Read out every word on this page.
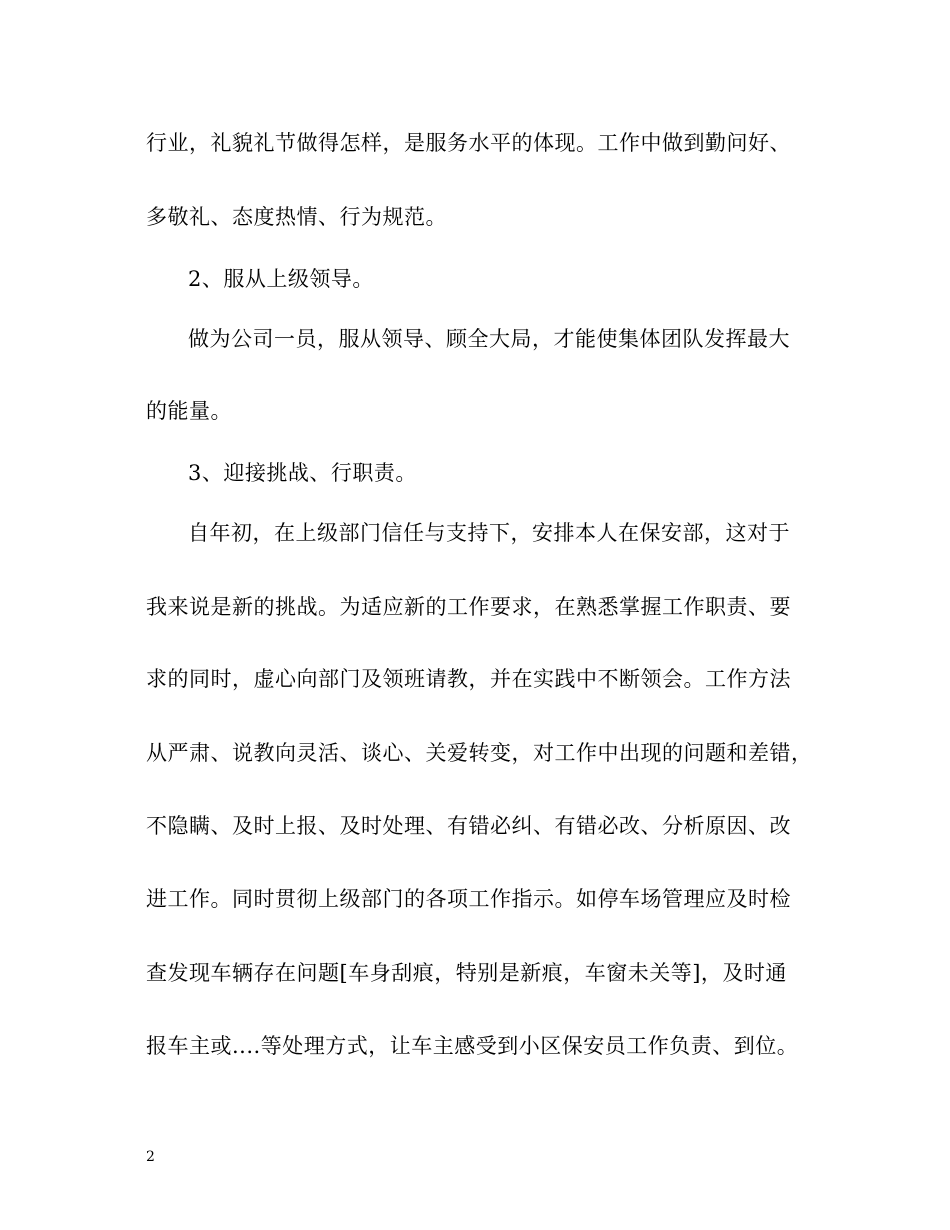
行业，礼貌礼节做得怎样，是服务水平的体现。工作中做到勤问好、
多敬礼、态度热情、行为规范。
2、服从上级领导。
做为公司一员，服从领导、顾全大局，才能使集体团队发挥最大
的能量。
3、迎接挑战、行职责。
自年初，在上级部门信任与支持下，安排本人在保安部，这对于
我来说是新的挑战。为适应新的工作要求，在熟悉掌握工作职责、要
求的同时，虚心向部门及领班请教，并在实践中不断领会。工作方法
从严肃、说教向灵活、谈心、关爱转变，对工作中出现的问题和差错，
不隐瞒、及时上报、及时处理、有错必纠、有错必改、分析原因、改
进工作。同时贯彻上级部门的各项工作指示。如停车场管理应及时检
查发现车辆存在问题[车身刮痕，特别是新痕，车窗未关等]，及时通
报车主或....等处理方式，让车主感受到小区保安员工作负责、到位。
2
